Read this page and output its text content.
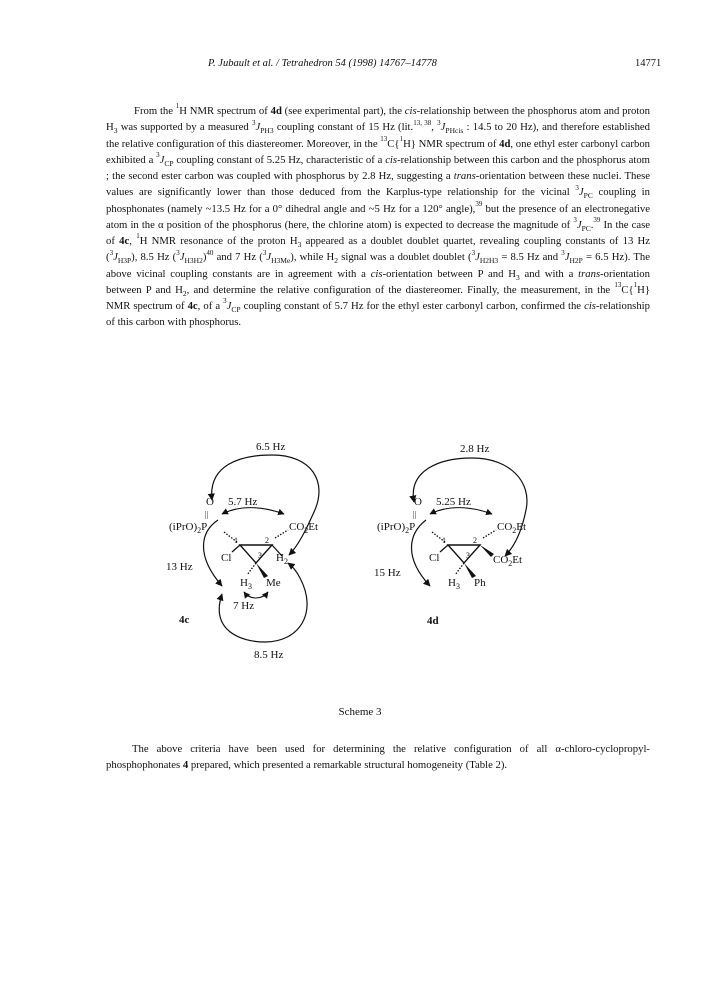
P. Jubault et al. / Tetrahedron 54 (1998) 14767–14778	14771
From the $^1$H NMR spectrum of 4d (see experimental part), the cis-relationship between the phosphorus atom and proton $H_3$ was supported by a measured $^3J_{PH3}$ coupling constant of 15 Hz (lit.$^{13, 38}$, $^3J_{PHcis}$ : 14.5 to 20 Hz), and therefore established the relative configuration of this diastereomer. Moreover, in the $^{13}$C{$^1$H} NMR spectrum of 4d, one ethyl ester carbonyl carbon exhibited a $^3J_{CP}$ coupling constant of 5.25 Hz, characteristic of a cis-relationship between this carbon and the phosphorus atom ; the second ester carbon was coupled with phosphorus by 2.8 Hz, suggesting a trans-orientation between these nuclei. These values are significantly lower than those deduced from the Karplus-type relationship for the vicinal $^3J_{PC}$ coupling in phosphonates (namely ~13.5 Hz for a 0° dihedral angle and ~5 Hz for a 120° angle),$^{39}$ but the presence of an electronegative atom in the α position of the phosphorus (here, the chlorine atom) is expected to decrease the magnitude of $^3J_{PC}.^{39}$ In the case of 4c, $^1$H NMR resonance of the proton $H_3$ appeared as a doublet doublet quartet, revealing coupling constants of 13 Hz $(^3J_{H3P})$, 8.5 Hz $(^3J_{H3H2})^{40}$ and 7 Hz $(^3J_{H3Me})$, while $H_2$ signal was a doublet doublet ($^3J_{H2H3} = 8.5$ Hz and $^3J_{H2P} = 6.5$ Hz). The above vicinal coupling constants are in agreement with a cis-orientation between P and $H_3$ and with a trans-orientation between P and $H_2$, and determine the relative configuration of the diastereomer. Finally, the measurement, in the $^{13}$C{$^1$H} NMR spectrum of 4c, of a $^3J_{CP}$ coupling constant of 5.7 Hz for the ethyl ester carbonyl carbon, confirmed the cis-relationship of this carbon with phosphorus.
6.5 Hz
O
||
5.7 Hz
$(iPrO)_2P$	$CO_2Et$
1	2
3
Cl	$H_2$
$H_3$ Me
13 Hz
7 Hz
4c
8.5 Hz
2.8 Hz
O
||
5.25 Hz
$(iPrO)_2P$	$CO_2Et$
1	2
3
Cl	$CO_2Et$
$H_3$ Ph
15 Hz
4d
Scheme 3
The above criteria have been used for determining the relative configuration of all α-chloro-cyclopropyl-phosphophonates 4 prepared, which presented a remarkable structural homogeneity (Table 2).
